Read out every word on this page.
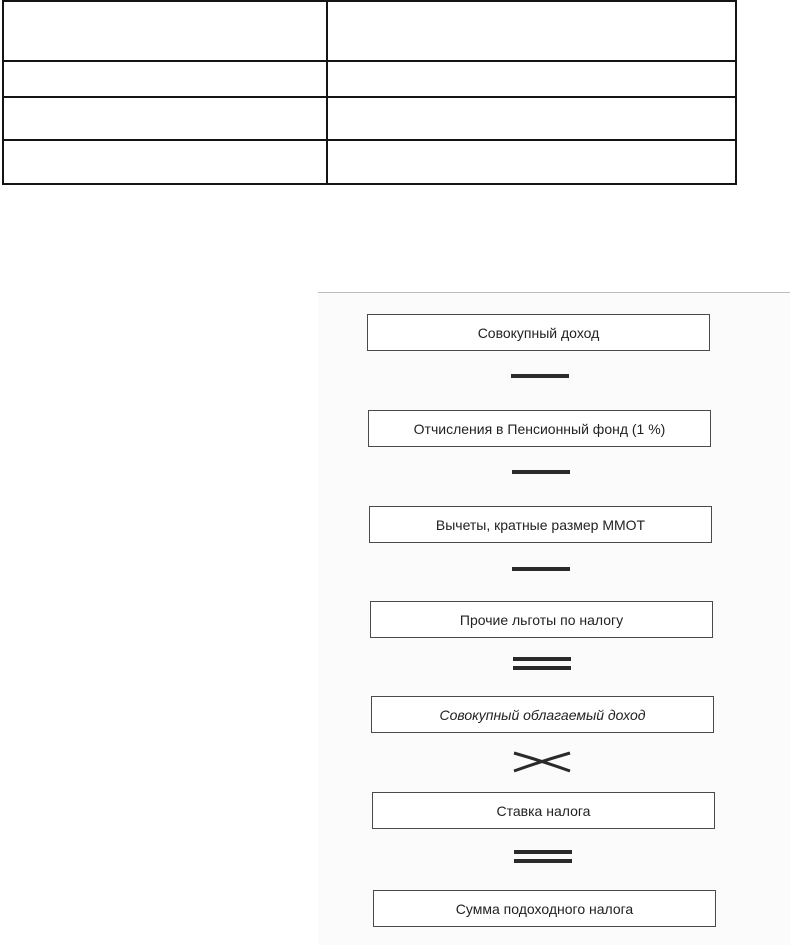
Совокупный доход
Отчисления в Пенсионный фонд (1 %)
Вычеты, кратные размер ММОТ
Прочие льготы по налогу
Совокупный облагаемый доход
Ставка налога
Сумма подоходного налога
